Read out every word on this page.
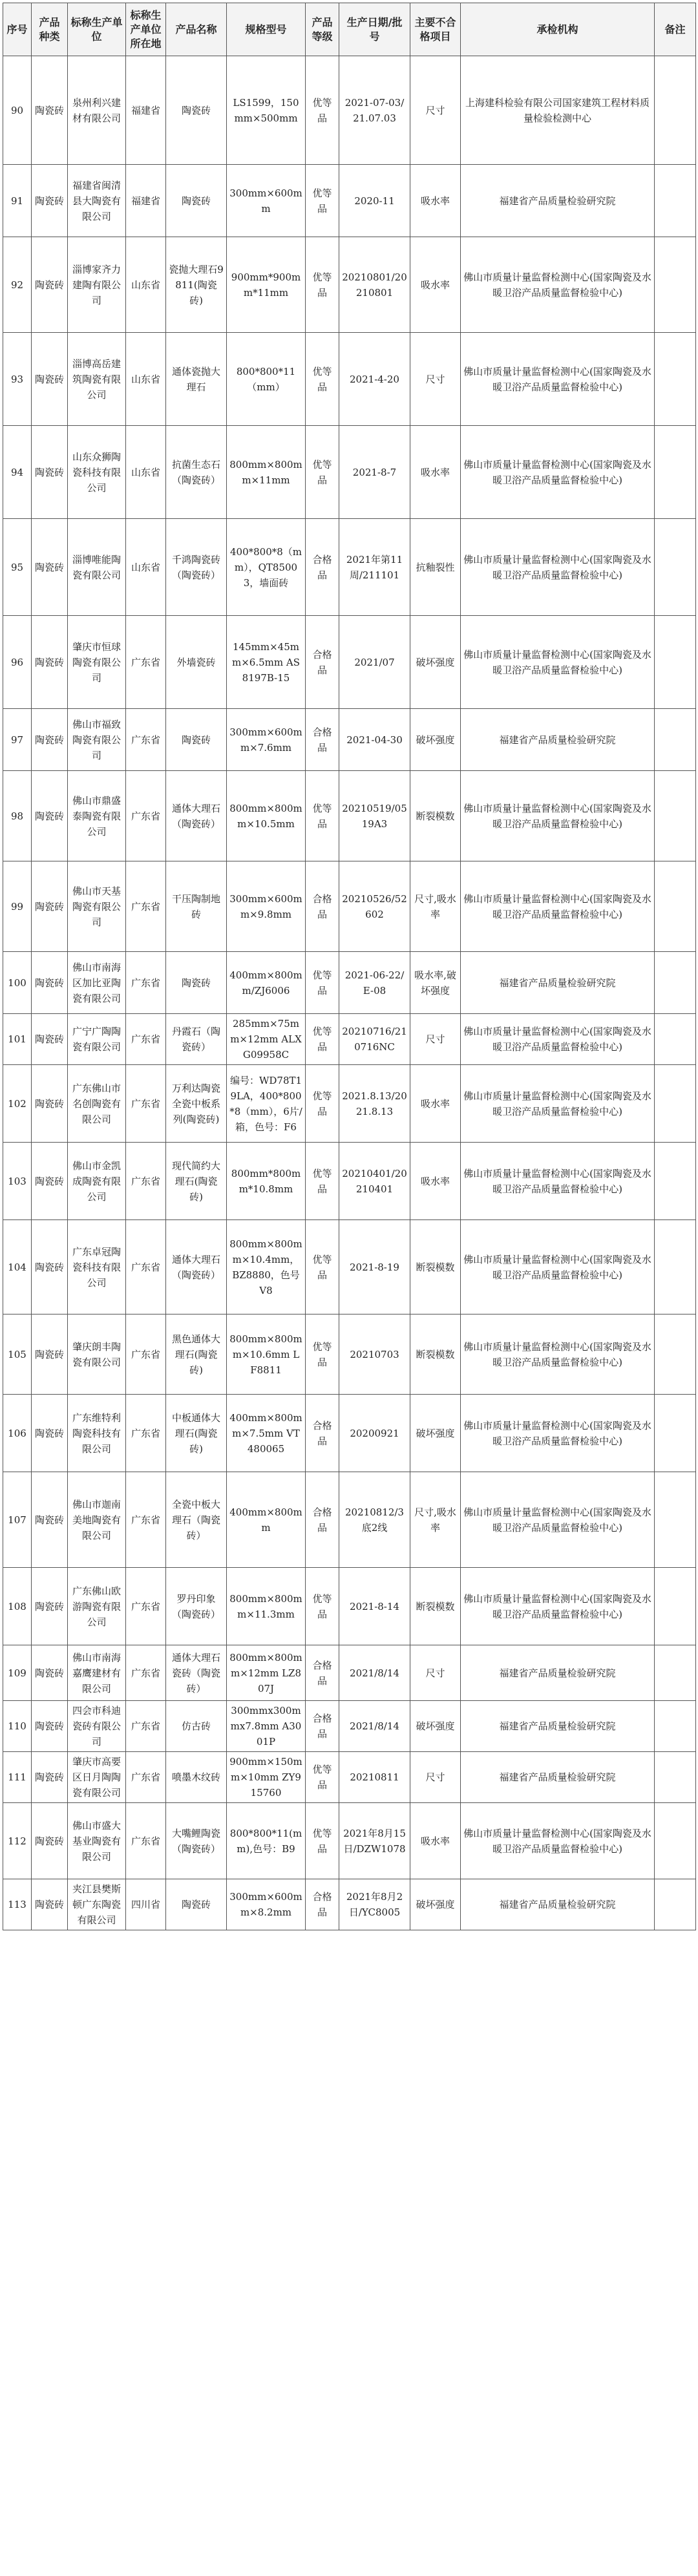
序号	产品种类	标称生产单位	标称生产单位所在地	产品名称	规格型号	产品等级	生产日期/批号	主要不合格项目	承检机构	备注
90	陶瓷砖	泉州利兴建材有限公司	福建省	陶瓷砖	LS1599，150mm×500mm	优等品	2021-07-03/21.07.03	尺寸	上海建科检验有限公司国家建筑工程材料质量检验检测中心	
91	陶瓷砖	福建省闽清县大陶瓷有限公司	福建省	陶瓷砖	300mm×600mm	优等品	2020-11	吸水率	福建省产品质量检验研究院	
92	陶瓷砖	淄博家齐力建陶有限公司	山东省	瓷抛大理石9811(陶瓷砖)	900mm*900mm*11mm	优等品	20210801/20210801	吸水率	佛山市质量计量监督检测中心(国家陶瓷及水暖卫浴产品质量监督检验中心)	
93	陶瓷砖	淄博高岳建筑陶瓷有限公司	山东省	通体瓷抛大理石	800*800*11（mm）	优等品	2021-4-20	尺寸	佛山市质量计量监督检测中心(国家陶瓷及水暖卫浴产品质量监督检验中心)	
94	陶瓷砖	山东众狮陶瓷科技有限公司	山东省	抗菌生态石（陶瓷砖）	800mm×800mm×11mm	优等品	2021-8-7	吸水率	佛山市质量计量监督检测中心(国家陶瓷及水暖卫浴产品质量监督检验中心)	
95	陶瓷砖	淄博唯能陶瓷有限公司	山东省	千鸿陶瓷砖（陶瓷砖）	400*800*8（mm），QT85003，墙面砖	合格品	2021年第11周/211101	抗釉裂性	佛山市质量计量监督检测中心(国家陶瓷及水暖卫浴产品质量监督检验中心)	
96	陶瓷砖	肇庆市恒球陶瓷有限公司	广东省	外墙瓷砖	145mm×45mm×6.5mm AS8197B-15	合格品	2021/07	破坏强度	佛山市质量计量监督检测中心(国家陶瓷及水暖卫浴产品质量监督检验中心)	
97	陶瓷砖	佛山市福致陶瓷有限公司	广东省	陶瓷砖	300mm×600mm×7.6mm	合格品	2021-04-30	破坏强度	福建省产品质量检验研究院	
98	陶瓷砖	佛山市鼎盛泰陶瓷有限公司	广东省	通体大理石（陶瓷砖）	800mm×800mm×10.5mm	优等品	20210519/0519A3	断裂模数	佛山市质量计量监督检测中心(国家陶瓷及水暖卫浴产品质量监督检验中心)	
99	陶瓷砖	佛山市天基陶瓷有限公司	广东省	干压陶制地砖	300mm×600mm×9.8mm	合格品	20210526/52602	尺寸,吸水率	佛山市质量计量监督检测中心(国家陶瓷及水暖卫浴产品质量监督检验中心)	
100	陶瓷砖	佛山市南海区加比亚陶瓷有限公司	广东省	陶瓷砖	400mm×800mm/ZJ6006	优等品	2021-06-22/E-08	吸水率,破坏强度	福建省产品质量检验研究院	
101	陶瓷砖	广宁广陶陶瓷有限公司	广东省	丹霞石（陶瓷砖）	285mm×75mm×12mm ALXG09958C	优等品	20210716/210716NC	尺寸	佛山市质量计量监督检测中心(国家陶瓷及水暖卫浴产品质量监督检验中心)	
102	陶瓷砖	广东佛山市名创陶瓷有限公司	广东省	万利达陶瓷全瓷中板系列(陶瓷砖)	编号：WD78T19LA，400*800*8（mm），6片/箱，色号：F6	优等品	2021.8.13/2021.8.13	吸水率	佛山市质量计量监督检测中心(国家陶瓷及水暖卫浴产品质量监督检验中心)	
103	陶瓷砖	佛山市金凯成陶瓷有限公司	广东省	现代简约大理石(陶瓷砖)	800mm*800mm*10.8mm	优等品	20210401/20210401	吸水率	佛山市质量计量监督检测中心(国家陶瓷及水暖卫浴产品质量监督检验中心)	
104	陶瓷砖	广东卓冠陶瓷科技有限公司	广东省	通体大理石（陶瓷砖）	800mm×800mm×10.4mm，BZ8880，色号V8	优等品	2021-8-19	断裂模数	佛山市质量计量监督检测中心(国家陶瓷及水暖卫浴产品质量监督检验中心)	
105	陶瓷砖	肇庆朗丰陶瓷有限公司	广东省	黑色通体大理石(陶瓷砖)	800mm×800mm×10.6mm LF8811	优等品	20210703	断裂模数	佛山市质量计量监督检测中心(国家陶瓷及水暖卫浴产品质量监督检验中心)	
106	陶瓷砖	广东维特利陶瓷科技有限公司	广东省	中板通体大理石(陶瓷砖)	400mm×800mm×7.5mm VT480065	合格品	20200921	破坏强度	佛山市质量计量监督检测中心(国家陶瓷及水暖卫浴产品质量监督检验中心)	
107	陶瓷砖	佛山市迦南美地陶瓷有限公司	广东省	全瓷中板大理石（陶瓷砖）	400mm×800mm	合格品	20210812/3底2线	尺寸,吸水率	佛山市质量计量监督检测中心(国家陶瓷及水暖卫浴产品质量监督检验中心)	
108	陶瓷砖	广东佛山欧游陶瓷有限公司	广东省	罗丹印象（陶瓷砖）	800mm×800mm×11.3mm	优等品	2021-8-14	断裂模数	佛山市质量计量监督检测中心(国家陶瓷及水暖卫浴产品质量监督检验中心)	
109	陶瓷砖	佛山市南海嘉鹰建材有限公司	广东省	通体大理石瓷砖（陶瓷砖）	800mm×800mm×12mm LZ807J	合格品	2021/8/14	尺寸	福建省产品质量检验研究院	
110	陶瓷砖	四会市科迪瓷砖有限公司	广东省	仿古砖	300mmx300mmx7.8mm A3001P	合格品	2021/8/14	破坏强度	福建省产品质量检验研究院	
111	陶瓷砖	肇庆市高要区日月陶陶瓷有限公司	广东省	喷墨木纹砖	900mm×150mm×10mm ZY915760	优等品	20210811	尺寸	福建省产品质量检验研究院	
112	陶瓷砖	佛山市盛大基业陶瓷有限公司	广东省	大嘴鲤陶瓷（陶瓷砖）	800*800*11(mm),色号：B9	优等品	2021年8月15日/DZW1078	吸水率	佛山市质量计量监督检测中心(国家陶瓷及水暖卫浴产品质量监督检验中心)	
113	陶瓷砖	夹江县樊斯顿广东陶瓷有限公司	四川省	陶瓷砖	300mm×600mm×8.2mm	合格品	2021年8月2日/YC8005	破坏强度	福建省产品质量检验研究院	
